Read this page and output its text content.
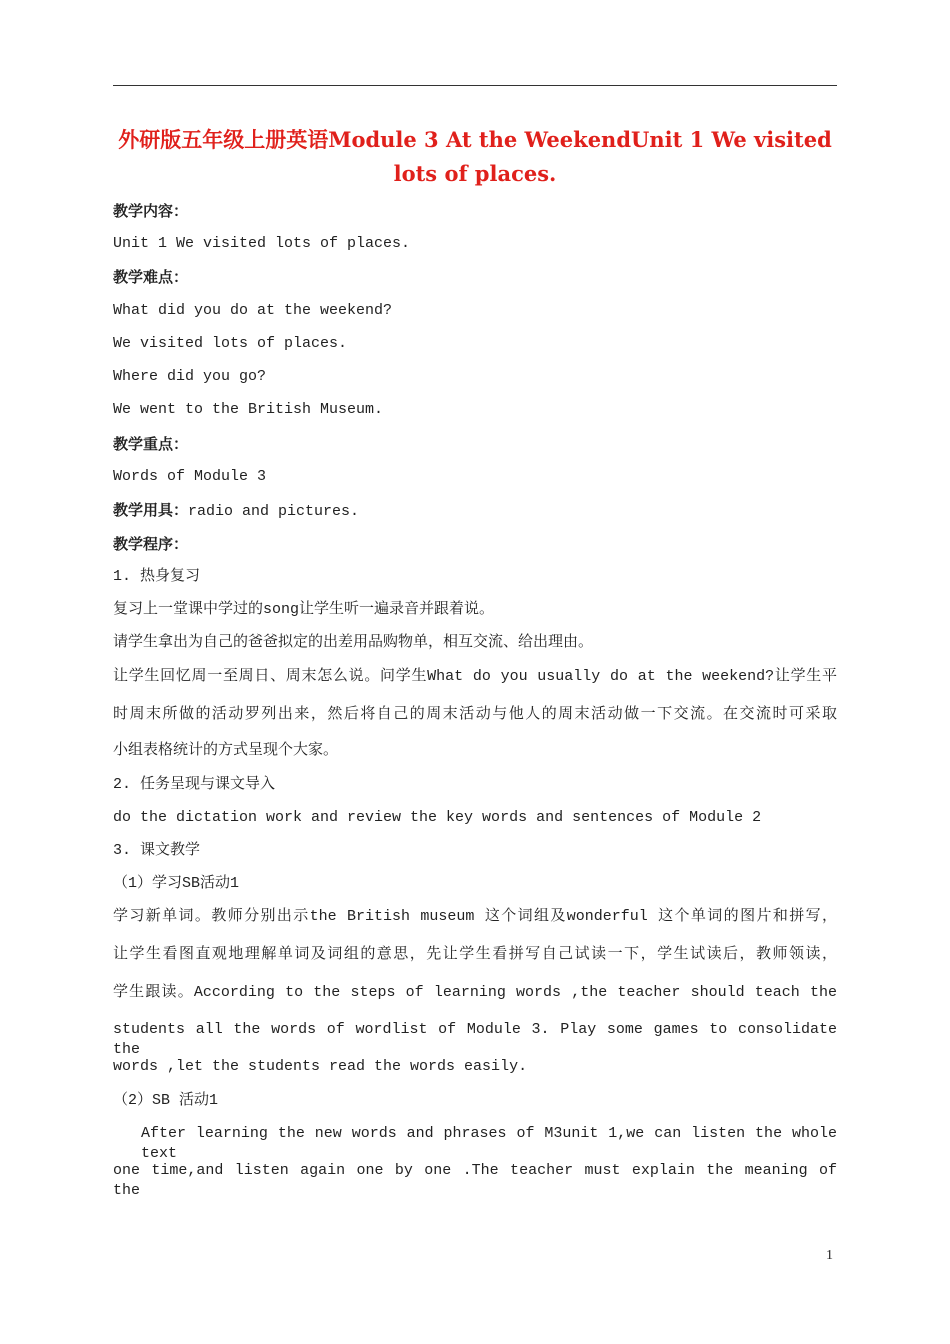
外研版五年级上册英语Module 3 At the WeekendUnit 1 We visited
lots of places.
教学内容：
Unit 1 We visited lots of places.
教学难点：
What did you do at the weekend?
We visited lots of places.
Where did you go?
We went to the British Museum.
教学重点：
Words of Module 3
教学用具：radio and pictures.
教学程序：
1. 热身复习
复习上一堂课中学过的song让学生听一遍录音并跟着说。
请学生拿出为自己的爸爸拟定的出差用品购物单，相互交流、给出理由。
让学生回忆周一至周日、周末怎么说。问学生What do you usually do at the weekend?让学生平
时周末所做的活动罗列出来，然后将自己的周末活动与他人的周末活动做一下交流。在交流时可采取
小组表格统计的方式呈现个大家。
2. 任务呈现与课文导入
do the dictation work and review the key words and sentences of Module 2
3. 课文教学
（1）学习SB活动1
学习新单词。教师分别出示the British museum 这个词组及wonderful 这个单词的图片和拼写，
让学生看图直观地理解单词及词组的意思，先让学生看拼写自己试读一下，学生试读后，教师领读，
学生跟读。According to the steps of learning words ,the teacher should teach the
students all the words of wordlist of Module 3. Play some games to consolidate the
words ,let the students read the words easily.
（2）SB 活动1
After learning the new words and phrases of M3unit 1,we can listen the whole text
one time,and listen again one by one .The teacher must explain the meaning of the
1
